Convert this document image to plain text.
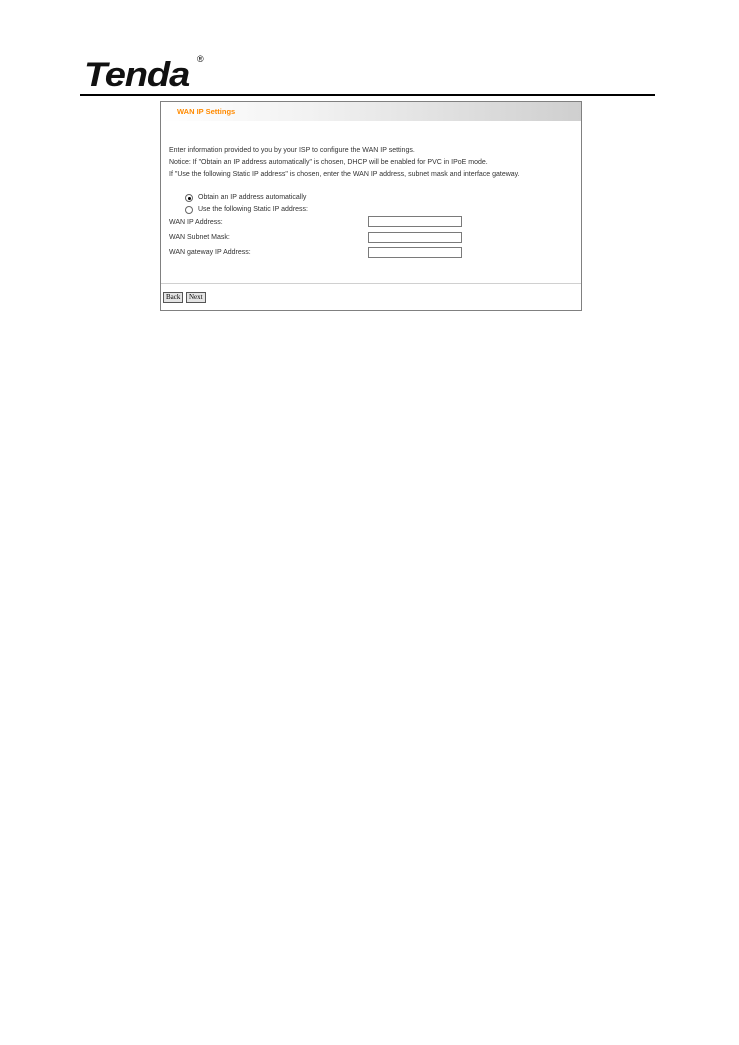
Tenda ®
WAN IP Settings
Enter information provided to you by your ISP to configure the WAN IP settings.
Notice: If "Obtain an IP address automatically" is chosen, DHCP will be enabled for PVC in IPoE mode.
If "Use the following Static IP address" is chosen, enter the WAN IP address, subnet mask and interface gateway.
Obtain an IP address automatically
Use the following Static IP address:
WAN IP Address:
WAN Subnet Mask:
WAN gateway IP Address:
Back	Next
